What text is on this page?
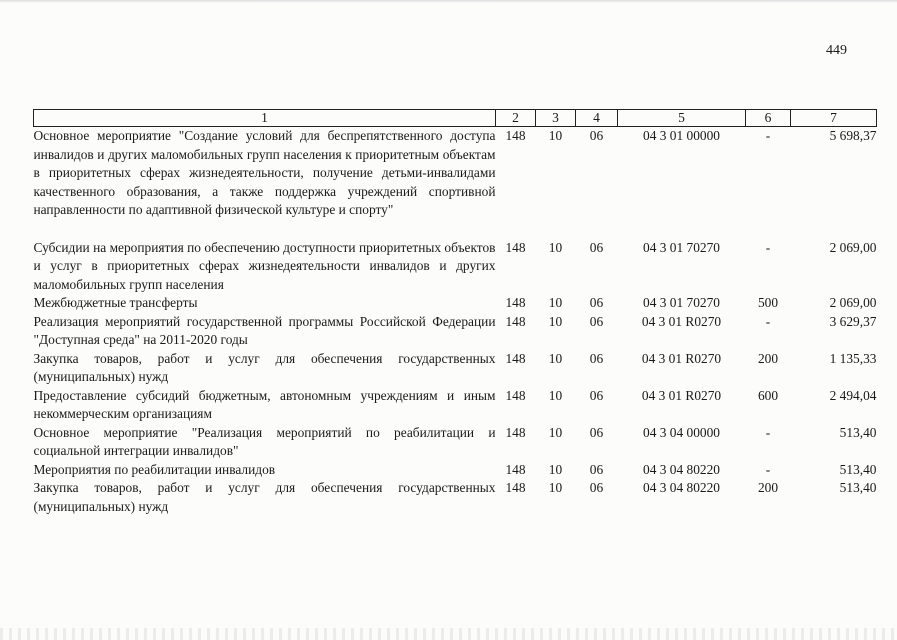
449
1	2	3	4	5	6	7
Основное мероприятие "Создание условий для беспрепятственного доступа инвалидов и других маломобильных групп населения к приоритетным объектам в приоритетных сферах жизнедеятельности, получение детьми-инвалидами качественного образования, а также поддержка учреждений спортивной направленности по адаптивной физической культуре и спорту"	148	10	06	04 3 01 00000	-	5 698,37

Субсидии на мероприятия по обеспечению доступности приоритетных объектов и услуг в приоритетных сферах жизнедеятельности инвалидов и других маломобильных групп населения	148	10	06	04 3 01 70270	-	2 069,00
Межбюджетные трансферты	148	10	06	04 3 01 70270	500	2 069,00
Реализация мероприятий государственной программы Российской Федерации "Доступная среда" на 2011-2020 годы	148	10	06	04 3 01 R0270	-	3 629,37
Закупка товаров, работ и услуг для обеспечения государственных (муниципальных) нужд	148	10	06	04 3 01 R0270	200	1 135,33
Предоставление субсидий бюджетным, автономным учреждениям и иным некоммерческим организациям	148	10	06	04 3 01 R0270	600	2 494,04
Основное мероприятие "Реализация мероприятий по реабилитации и социальной интеграции инвалидов"	148	10	06	04 3 04 00000	-	513,40
Мероприятия по реабилитации инвалидов	148	10	06	04 3 04 80220	-	513,40
Закупка товаров, работ и услуг для обеспечения государственных (муниципальных) нужд	148	10	06	04 3 04 80220	200	513,40
